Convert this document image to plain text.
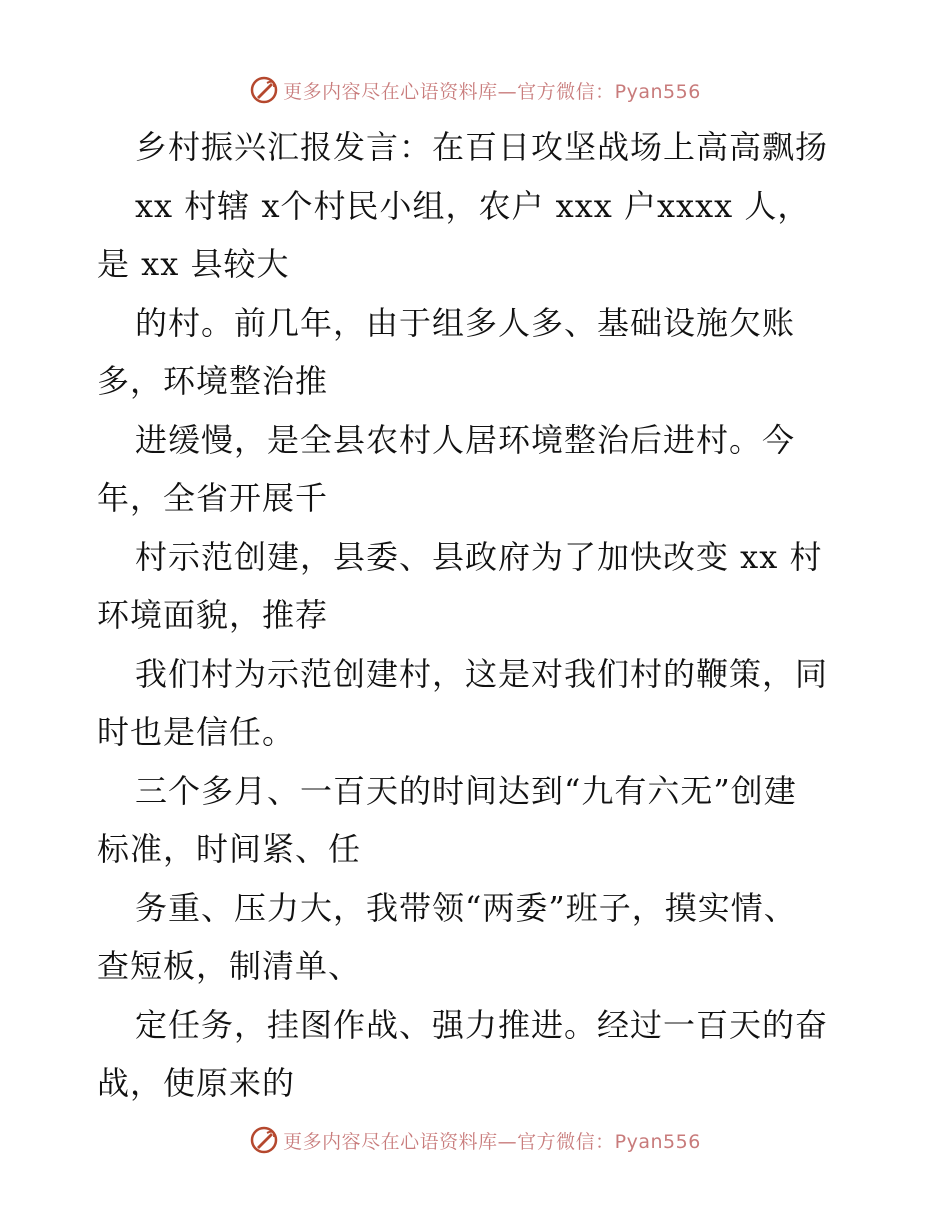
更多内容尽在心语资料库—官方微信：Pyan556
乡村振兴汇报发言：在百日攻坚战场上高高飘扬
xx 村辖 x个村民小组，农户 xxx 户xxxx 人，
是 xx 县较大
的村。前几年，由于组多人多、基础设施欠账
多，环境整治推
进缓慢，是全县农村人居环境整治后进村。今
年，全省开展千
村示范创建，县委、县政府为了加快改变 xx 村
环境面貌，推荐
我们村为示范创建村，这是对我们村的鞭策，同
时也是信任。
三个多月、一百天的时间达到“九有六无”创建
标准，时间紧、任
务重、压力大，我带领“两委”班子，摸实情、
查短板，制清单、
定任务，挂图作战、强力推进。经过一百天的奋
战，使原来的
更多内容尽在心语资料库—官方微信：Pyan556
